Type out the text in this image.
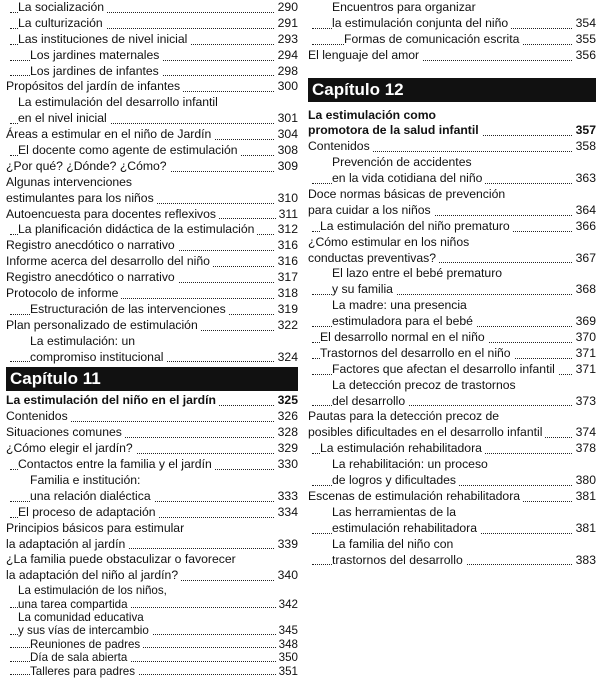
La socialización	290
La culturización	291
Las instituciones de nivel inicial	293
Los jardines maternales	294
Los jardines de infantes	298
Propósitos del jardín de infantes	300
La estimulación del desarrollo infantil
en el nivel inicial	301
Áreas a estimular en el niño de Jardín	304
El docente como agente de estimulación	308
¿Por qué? ¿Dónde? ¿Cómo?	309
Algunas intervenciones
estimulantes para los niños	310
Autoencuesta para docentes reflexivos	311
La planificación didáctica de la estimulación 312
Registro anecdótico o narrativo	316
Informe acerca del desarrollo del niño	316
Registro anecdótico o narrativo	317
Protocolo de informe	318
Estructuración de las intervenciones	319
Plan personalizado de estimulación	322
La estimulación: un
compromiso institucional	324
Capítulo 11
La estimulación del niño en el jardín	325
Contenidos	326
Situaciones comunes	328
¿Cómo elegir el jardín?	329
Contactos entre la familia y el jardín	330
Familia e institución:
una relación dialéctica	333
El proceso de adaptación	334
Principios básicos para estimular
la adaptación al jardín	339
¿La familia puede obstaculizar o favorecer
la adaptación del niño al jardín?	340
La estimulación de los niños,
una tarea compartida	342
La comunidad educativa
y sus vías de intercambio	345
Reuniones de padres	348
Día de sala abierta	350
Talleres para padres	351
Encuentros para organizar
la estimulación conjunta del niño	354
Formas de comunicación escrita	355
El lenguaje del amor	356
Capítulo 12
La estimulación como
promotora de la salud infantil	357
Contenidos	358
Prevención de accidentes
en la vida cotidiana del niño	363
Doce normas básicas de prevención
para cuidar a los niños	364
La estimulación del niño prematuro	366
¿Cómo estimular en los niños
conductas preventivas?	367
El lazo entre el bebé prematuro
y su familia	368
La madre: una presencia
estimuladora para el bebé	369
El desarrollo normal en el niño	370
Trastornos del desarrollo en el niño	371
Factores que afectan el desarrollo infantil 371
La detección precoz de trastornos
del desarrollo	373
Pautas para la detección precoz de
posibles dificultades en el desarrollo infantil	374
La estimulación rehabilitadora	378
La rehabilitación: un proceso
de logros y dificultades	380
Escenas de estimulación rehabilitadora	381
Las herramientas de la
estimulación rehabilitadora	381
La familia del niño con
trastornos del desarrollo	383
